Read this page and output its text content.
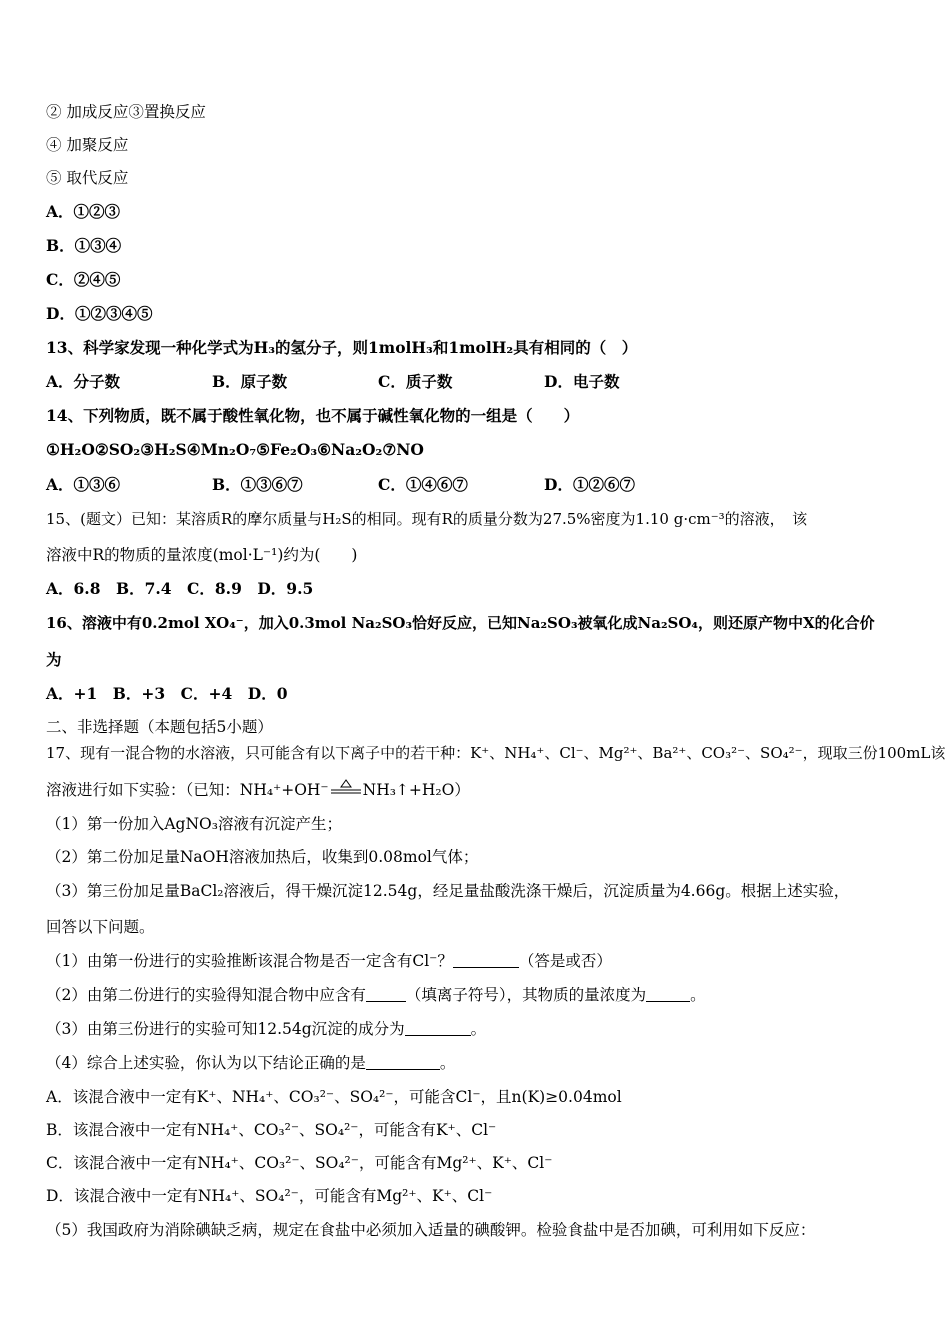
② 加成反应③置换反应
④ 加聚反应
⑤ 取代反应
A．①②③
B．①③④
C．②④⑤
D．①②③④⑤
13、科学家发现一种化学式为H₃的氢分子，则1molH₃和1molH₂具有相同的（　）
A．分子数	B．原子数	C．质子数	D．电子数
14、下列物质，既不属于酸性氧化物，也不属于碱性氧化物的一组是（　　）
①H₂O②SO₂③H₂S④Mn₂O₇⑤Fe₂O₃⑥Na₂O₂⑦NO
A．①③⑥	B．①③⑥⑦	C．①④⑥⑦	D．①②⑥⑦
15、(题文）已知：某溶质R的摩尔质量与H₂S的相同。现有R的质量分数为27.5%密度为1.10 g·cm⁻³的溶液，　该
溶液中R的物质的量浓度(mol·L⁻¹)约为(　　)
A．6.8　B．7.4　C．8.9　D．9.5
16、溶液中有0.2mol XO₄⁻，加入0.3mol Na₂SO₃恰好反应，已知Na₂SO₃被氧化成Na₂SO₄，则还原产物中X的化合价
为
A．+1　B．+3　C．+4　D．0
二、非选择题（本题包括5小题）
17、现有一混合物的水溶液，只可能含有以下离子中的若干种：K⁺、NH₄⁺、Cl⁻、Mg²⁺、Ba²⁺、CO₃²⁻、SO₄²⁻，现取三份100mL该
溶液进行如下实验：（已知：NH₄⁺+OH⁻ NH₃↑+H₂O）
（1）第一份加入AgNO₃溶液有沉淀产生；
（2）第二份加足量NaOH溶液加热后，收集到0.08mol气体；
（3）第三份加足量BaCl₂溶液后，得干燥沉淀12.54g，经足量盐酸洗涤干燥后，沉淀质量为4.66g。根据上述实验，
回答以下问题。
（1）由第一份进行的实验推断该混合物是否一定含有Cl⁻？	（答是或否）
（2）由第二份进行的实验得知混合物中应含有	（填离子符号），其物质的量浓度为	。
（3）由第三份进行的实验可知12.54g沉淀的成分为	。
（4）综合上述实验，你认为以下结论正确的是	。
A．该混合液中一定有K⁺、NH₄⁺、CO₃²⁻、SO₄²⁻，可能含Cl⁻，且n(K)≥0.04mol
B．该混合液中一定有NH₄⁺、CO₃²⁻、SO₄²⁻，可能含有K⁺、Cl⁻
C．该混合液中一定有NH₄⁺、CO₃²⁻、SO₄²⁻，可能含有Mg²⁺、K⁺、Cl⁻
D．该混合液中一定有NH₄⁺、SO₄²⁻，可能含有Mg²⁺、K⁺、Cl⁻
（5）我国政府为消除碘缺乏病，规定在食盐中必须加入适量的碘酸钾。检验食盐中是否加碘，可利用如下反应：
